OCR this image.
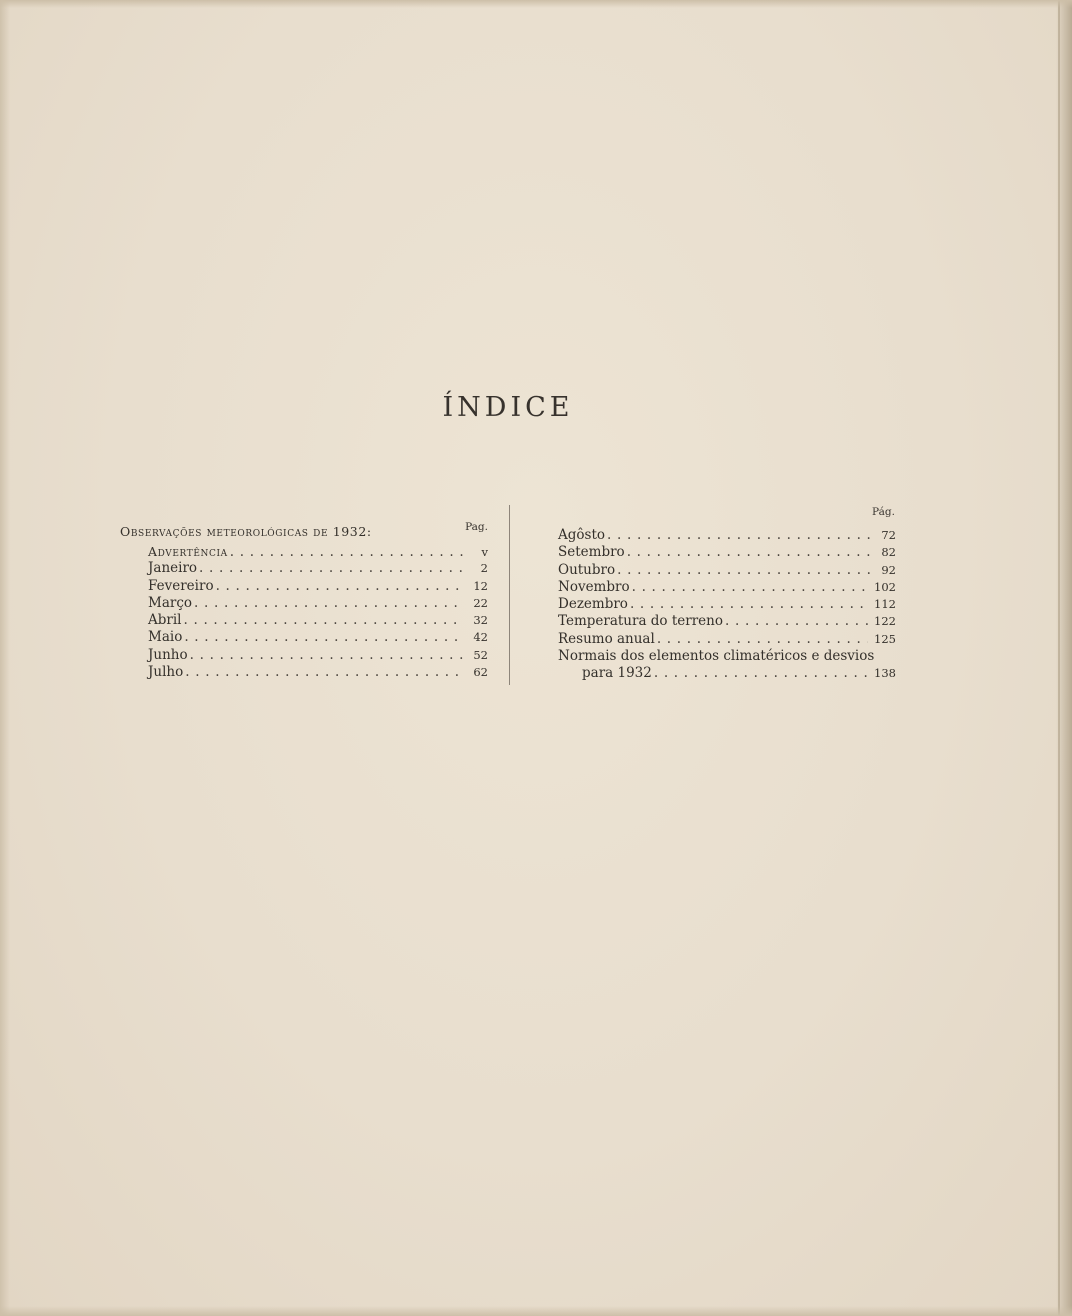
ÍNDICE
Observações meteorológicas de 1932:	Pag.
Advertência . . .	v
Janeiro . . .	2
Fevereiro . . .	12
Março . . .	22
Abril . . .	32
Maio . . .	42
Junho . . .	52
Julho . . .	62
Pág.
Agôsto . . .	72
Setembro . . .	82
Outubro . . .	92
Novembro . . .	102
Dezembro . . .	112
Temperatura do terreno . . .	122
Resumo anual . . .	125
Normais dos elementos climatéricos e desvios
para 1932 . . .	138
